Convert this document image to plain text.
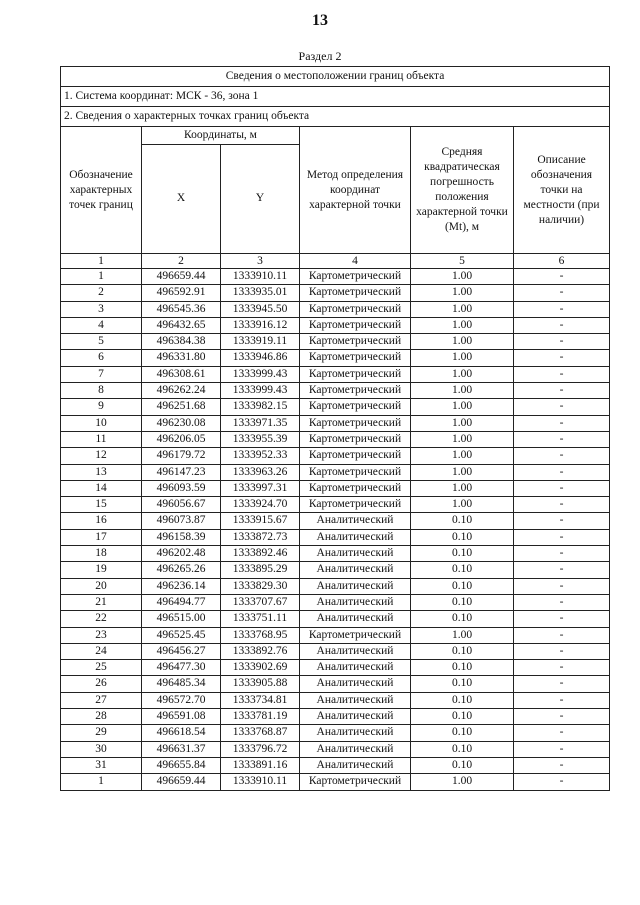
13
Раздел 2
Сведения о местоположении границ объекта					
1. Система координат: МСК - 36, зона 1					
2. Сведения о характерных точках границ объекта					
Обозначение характерных точек границ	Координаты, м		Метод определения координат характерной точки	Средняя квадратическая погрешность положения характерной точки (Mt), м	Описание обозначения точки на местности (при наличии)
	X	Y			
1	2	3	4	5	6
1	496659.44	1333910.11	Картометрический	1.00	-
2	496592.91	1333935.01	Картометрический	1.00	-
3	496545.36	1333945.50	Картометрический	1.00	-
4	496432.65	1333916.12	Картометрический	1.00	-
5	496384.38	1333919.11	Картометрический	1.00	-
6	496331.80	1333946.86	Картометрический	1.00	-
7	496308.61	1333999.43	Картометрический	1.00	-
8	496262.24	1333999.43	Картометрический	1.00	-
9	496251.68	1333982.15	Картометрический	1.00	-
10	496230.08	1333971.35	Картометрический	1.00	-
11	496206.05	1333955.39	Картометрический	1.00	-
12	496179.72	1333952.33	Картометрический	1.00	-
13	496147.23	1333963.26	Картометрический	1.00	-
14	496093.59	1333997.31	Картометрический	1.00	-
15	496056.67	1333924.70	Картометрический	1.00	-
16	496073.87	1333915.67	Аналитический	0.10	-
17	496158.39	1333872.73	Аналитический	0.10	-
18	496202.48	1333892.46	Аналитический	0.10	-
19	496265.26	1333895.29	Аналитический	0.10	-
20	496236.14	1333829.30	Аналитический	0.10	-
21	496494.77	1333707.67	Аналитический	0.10	-
22	496515.00	1333751.11	Аналитический	0.10	-
23	496525.45	1333768.95	Картометрический	1.00	-
24	496456.27	1333892.76	Аналитический	0.10	-
25	496477.30	1333902.69	Аналитический	0.10	-
26	496485.34	1333905.88	Аналитический	0.10	-
27	496572.70	1333734.81	Аналитический	0.10	-
28	496591.08	1333781.19	Аналитический	0.10	-
29	496618.54	1333768.87	Аналитический	0.10	-
30	496631.37	1333796.72	Аналитический	0.10	-
31	496655.84	1333891.16	Аналитический	0.10	-
1	496659.44	1333910.11	Картометрический	1.00	-
